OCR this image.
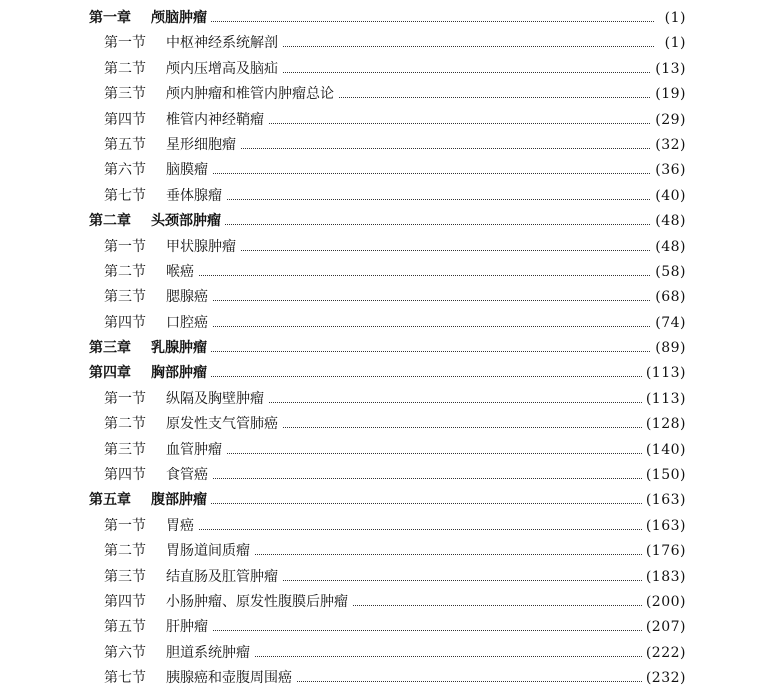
第一章 颅脑肿瘤	(1)
第一节 中枢神经系统解剖	(1)
第二节 颅内压增高及脑疝	(13)
第三节 颅内肿瘤和椎管内肿瘤总论	(19)
第四节 椎管内神经鞘瘤	(29)
第五节 星形细胞瘤	(32)
第六节 脑膜瘤	(36)
第七节 垂体腺瘤	(40)
第二章 头颈部肿瘤	(48)
第一节 甲状腺肿瘤	(48)
第二节 喉癌	(58)
第三节 腮腺癌	(68)
第四节 口腔癌	(74)
第三章 乳腺肿瘤	(89)
第四章 胸部肿瘤	(113)
第一节 纵隔及胸壁肿瘤	(113)
第二节 原发性支气管肺癌	(128)
第三节 血管肿瘤	(140)
第四节 食管癌	(150)
第五章 腹部肿瘤	(163)
第一节 胃癌	(163)
第二节 胃肠道间质瘤	(176)
第三节 结直肠及肛管肿瘤	(183)
第四节 小肠肿瘤、原发性腹膜后肿瘤	(200)
第五节 肝肿瘤	(207)
第六节 胆道系统肿瘤	(222)
第七节 胰腺癌和壶腹周围癌	(232)
